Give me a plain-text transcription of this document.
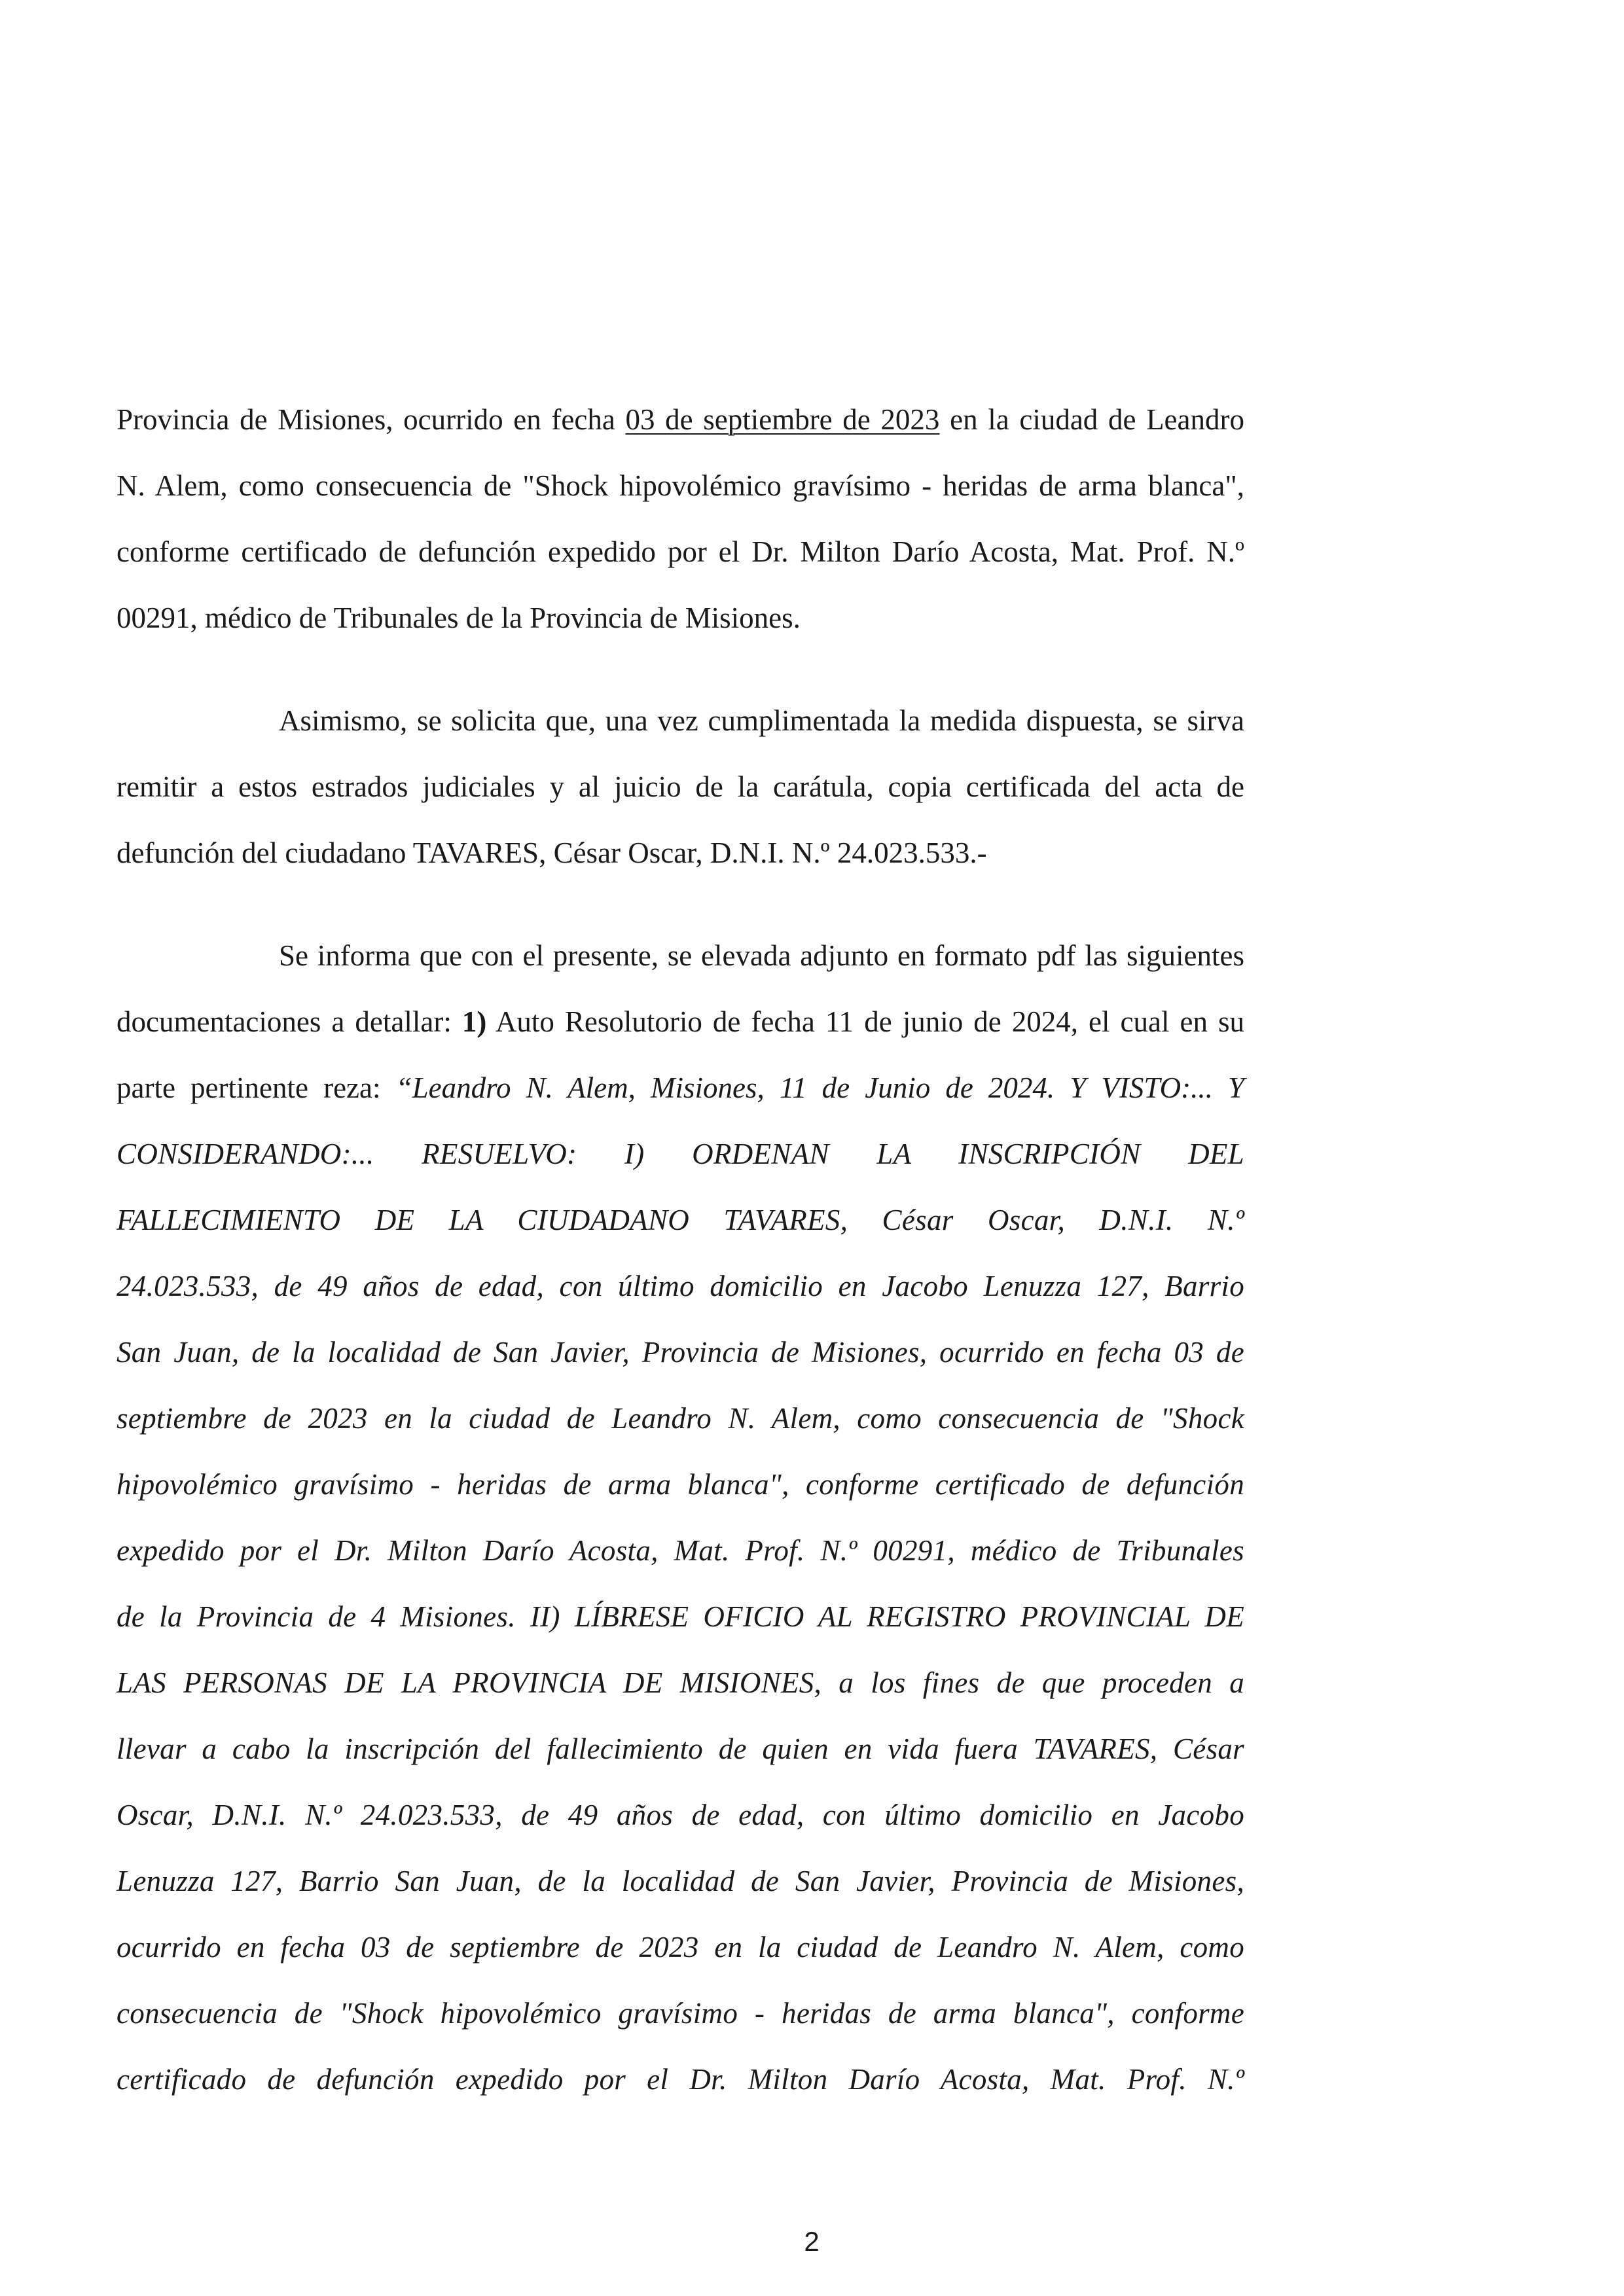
Provincia de Misiones, ocurrido en fecha 03 de septiembre de 2023 en la ciudad de Leandro

N. Alem, como consecuencia de "Shock hipovolémico gravísimo - heridas de arma blanca",

conforme certificado de defunción expedido por el Dr. Milton Darío Acosta, Mat. Prof. N.º

00291, médico de Tribunales de la Provincia de Misiones.

Asimismo, se solicita que, una vez cumplimentada la medida dispuesta, se sirva

remitir a estos estrados judiciales y al juicio de la carátula, copia certificada del acta de

defunción del ciudadano TAVARES, César Oscar, D.N.I. N.º 24.023.533.-

Se informa que con el presente, se elevada adjunto en formato pdf las siguientes

documentaciones a detallar: 1) Auto Resolutorio de fecha 11 de junio de 2024, el cual en su

parte pertinente reza: “Leandro N. Alem, Misiones, 11 de Junio de 2024. Y VISTO:... Y

CONSIDERANDO:... RESUELVO: I) ORDENAN LA INSCRIPCIÓN DEL

FALLECIMIENTO DE LA CIUDADANO TAVARES, César Oscar, D.N.I. N.º

24.023.533, de 49 años de edad, con último domicilio en Jacobo Lenuzza 127, Barrio

San Juan, de la localidad de San Javier, Provincia de Misiones, ocurrido en fecha 03 de

septiembre de 2023 en la ciudad de Leandro N. Alem, como consecuencia de "Shock

hipovolémico gravísimo - heridas de arma blanca", conforme certificado de defunción

expedido por el Dr. Milton Darío Acosta, Mat. Prof. N.º 00291, médico de Tribunales

de la Provincia de 4 Misiones. II) LÍBRESE OFICIO AL REGISTRO PROVINCIAL DE

LAS PERSONAS DE LA PROVINCIA DE MISIONES, a los fines de que proceden a

llevar a cabo la inscripción del fallecimiento de quien en vida fuera TAVARES, César

Oscar, D.N.I. N.º 24.023.533, de 49 años de edad, con último domicilio en Jacobo

Lenuzza 127, Barrio San Juan, de la localidad de San Javier, Provincia de Misiones,

ocurrido en fecha 03 de septiembre de 2023 en la ciudad de Leandro N. Alem, como

consecuencia de "Shock hipovolémico gravísimo - heridas de arma blanca", conforme

certificado de defunción expedido por el Dr. Milton Darío Acosta, Mat. Prof. N.º

2
